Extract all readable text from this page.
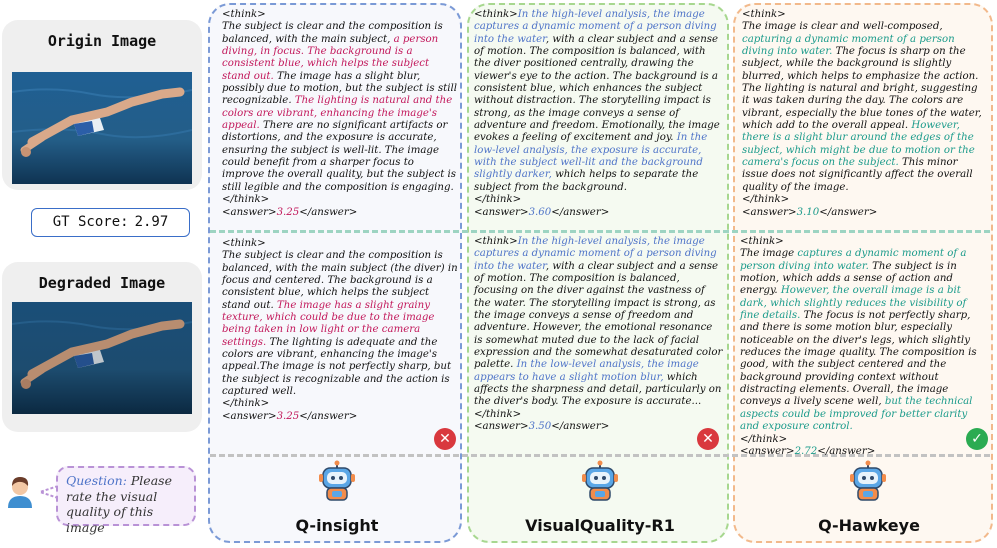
Origin Image
GT Score: 2.97
Degraded Image
Question: Please rate the visual quality of this image
<think>
The subject is clear and the composition is balanced, with the main subject, a person diving, in focus. The background is a consistent blue, which helps the subject stand out. The image has a slight blur, possibly due to motion, but the subject is still recognizable. The lighting is natural and the colors are vibrant, enhancing the image's appeal. There are no significant artifacts or distortions, and the exposure is accurate, ensuring the subject is well-lit. The image could benefit from a sharper focus to improve the overall quality, but the subject is still legible and the composition is engaging.
</think>
<answer>3.25</answer>
<think>
The subject is clear and the composition is balanced, with the main subject (the diver) in focus and centered. The background is a consistent blue, which helps the subject stand out. The image has a slight grainy texture, which could be due to the image being taken in low light or the camera settings. The lighting is adequate and the colors are vibrant, enhancing the image's appeal.The image is not perfectly sharp, but the subject is recognizable and the action is captured well.
</think>
<answer>3.25</answer>
<think>In the high-level analysis, the image captures a dynamic moment of a person diving into the water, with a clear subject and a sense of motion. The composition is balanced, with the diver positioned centrally, drawing the viewer's eye to the action. The background is a consistent blue, which enhances the subject without distraction. The storytelling impact is strong, as the image conveys a sense of adventure and freedom. Emotionally, the image evokes a feeling of excitement and joy. In the low-level analysis, the exposure is accurate, with the subject well-lit and the background slightly darker, which helps to separate the subject from the background.
</think>
<answer>3.60</answer>
<think>In the high-level analysis, the image captures a dynamic moment of a person diving into the water, with a clear subject and a sense of motion. The composition is balanced, focusing on the diver against the vastness of the water. The storytelling impact is strong, as the image conveys a sense of freedom and adventure. However, the emotional resonance is somewhat muted due to the lack of facial expression and the somewhat desaturated color palette. In the low-level analysis, the image appears to have a slight motion blur, which affects the sharpness and detail, particularly on the diver's body. The exposure is accurate...
</think>
<answer>3.50</answer>
<think>
The image is clear and well-composed, capturing a dynamic moment of a person diving into water. The focus is sharp on the subject, while the background is slightly blurred, which helps to emphasize the action. The lighting is natural and bright, suggesting it was taken during the day. The colors are vibrant, especially the blue tones of the water, which add to the overall appeal. However, there is a slight blur around the edges of the subject, which might be due to motion or the camera's focus on the subject. This minor issue does not significantly affect the overall quality of the image.
</think>
<answer>3.10</answer>
<think>
The image captures a dynamic moment of a person diving into water. The subject is in motion, which adds a sense of action and energy. However, the overall image is a bit dark, which slightly reduces the visibility of fine details. The focus is not perfectly sharp, and there is some motion blur, especially noticeable on the diver's legs, which slightly reduces the image quality. The composition is good, with the subject centered and the background providing context without distracting elements. Overall, the image conveys a lively scene well, but the technical aspects could be improved for better clarity and exposure control.
</think>
<answer>2.72</answer>
✕	✕	✓
Q-insight	VisualQuality-R1	Q-Hawkeye
